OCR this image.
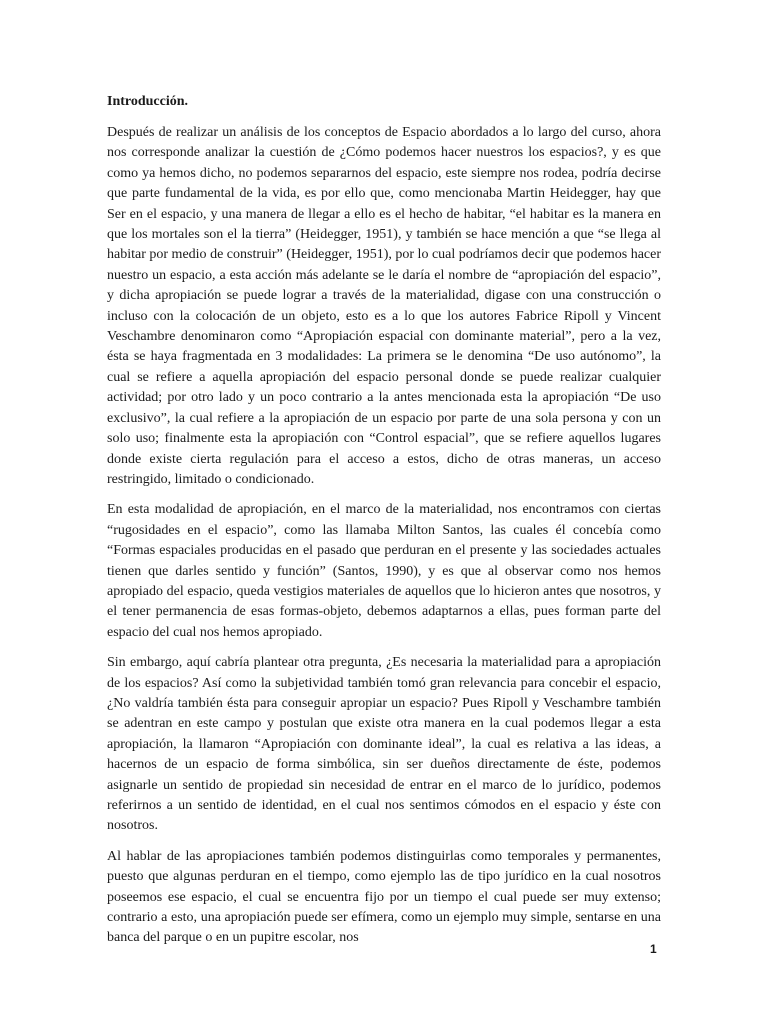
Introducción.

Después de realizar un análisis de los conceptos de Espacio abordados a lo largo del curso, ahora nos corresponde analizar la cuestión de ¿Cómo podemos hacer nuestros los espacios?, y es que como ya hemos dicho, no podemos separarnos del espacio, este siempre nos rodea, podría decirse que parte fundamental de la vida, es por ello que, como mencionaba Martin Heidegger, hay que Ser en el espacio, y una manera de llegar a ello es el hecho de habitar, “el habitar es la manera en que los mortales son el la tierra” (Heidegger, 1951), y también se hace mención a que “se llega al habitar por medio de construir” (Heidegger, 1951), por lo cual podríamos decir que podemos hacer nuestro un espacio, a esta acción más adelante se le daría el nombre de “apropiación del espacio”, y dicha apropiación se puede lograr a través de la materialidad, digase con una construcción o incluso con la colocación de un objeto, esto es a lo que los autores Fabrice Ripoll y Vincent Veschambre denominaron como “Apropiación espacial con dominante material”, pero a la vez, ésta se haya fragmentada en 3 modalidades: La primera se le denomina “De uso autónomo”, la cual se refiere a aquella apropiación del espacio personal donde se puede realizar cualquier actividad; por otro lado y un poco contrario a la antes mencionada esta la apropiación “De uso exclusivo”, la cual refiere a la apropiación de un espacio por parte de una sola persona y con un solo uso; finalmente esta la apropiación con “Control espacial”, que se refiere aquellos lugares donde existe cierta regulación para el acceso a estos, dicho de otras maneras, un acceso restringido, limitado o condicionado.

En esta modalidad de apropiación, en el marco de la materialidad, nos encontramos con ciertas “rugosidades en el espacio”, como las llamaba Milton Santos, las cuales él concebía como “Formas espaciales producidas en el pasado que perduran en el presente y las sociedades actuales tienen que darles sentido y función” (Santos, 1990), y es que al observar como nos hemos apropiado del espacio, queda vestigios materiales de aquellos que lo hicieron antes que nosotros, y el tener permanencia de esas formas-objeto, debemos adaptarnos a ellas, pues forman parte del espacio del cual nos hemos apropiado.

Sin embargo, aquí cabría plantear otra pregunta, ¿Es necesaria la materialidad para a apropiación de los espacios? Así como la subjetividad también tomó gran relevancia para concebir el espacio, ¿No valdría también ésta para conseguir apropiar un espacio? Pues Ripoll y Veschambre también se adentran en este campo y postulan que existe otra manera en la cual podemos llegar a esta apropiación, la llamaron “Apropiación con dominante ideal”, la cual es relativa a las ideas, a hacernos de un espacio de forma simbólica, sin ser dueños directamente de éste, podemos asignarle un sentido de propiedad sin necesidad de entrar en el marco de lo jurídico, podemos referirnos a un sentido de identidad, en el cual nos sentimos cómodos en el espacio y éste con nosotros.

Al hablar de las apropiaciones también podemos distinguirlas como temporales y permanentes, puesto que algunas perduran en el tiempo, como ejemplo las de tipo jurídico en la cual nosotros poseemos ese espacio, el cual se encuentra fijo por un tiempo el cual puede ser muy extenso; contrario a esto, una apropiación puede ser efímera, como un ejemplo muy simple, sentarse en una banca del parque o en un pupitre escolar, nos

1
